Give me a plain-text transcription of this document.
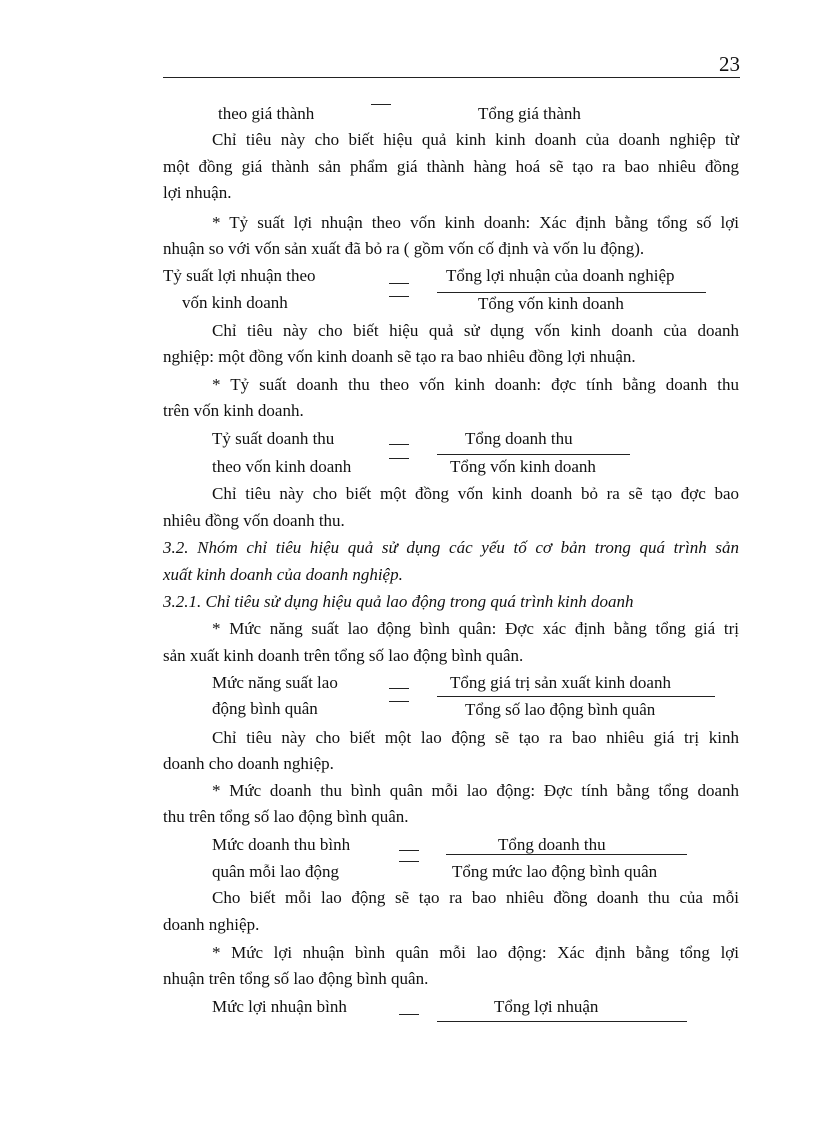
23
theo giá thành	Tổng giá thành
Chỉ tiêu này cho biết hiệu quả kinh kinh doanh của doanh nghiệp từ
một đồng giá thành sản phẩm giá thành hàng hoá sẽ tạo ra bao nhiêu đồng
lợi nhuận.
* Tỷ suất lợi nhuận theo vốn kinh doanh: Xác định bằng tổng số lợi
nhuận so với vốn sản xuất đã bỏ ra ( gồm vốn cố định và vốn lu động).
Tỷ suất lợi nhuận theo	Tổng lợi nhuận của doanh nghiệp
vốn kinh doanh	Tổng vốn kinh doanh
Chỉ tiêu này cho biết hiệu quả sử dụng vốn kinh doanh của doanh
nghiệp: một đồng vốn kinh doanh sẽ tạo ra bao nhiêu đồng lợi nhuận.
* Tỷ suất doanh thu theo vốn kinh doanh: đợc tính bằng doanh thu
trên vốn kinh doanh.
Tỷ suất doanh thu	Tổng doanh thu
theo vốn kinh doanh	Tổng vốn kinh doanh
Chỉ tiêu này cho biết một đồng vốn kinh doanh bỏ ra sẽ tạo đợc bao
nhiêu đồng vốn doanh thu.
3.2. Nhóm chỉ tiêu hiệu quả sử dụng các yếu tố cơ bản trong quá trình sản
xuất kinh doanh của doanh nghiệp.
3.2.1. Chỉ tiêu sử dụng hiệu quả lao động trong quá trình kinh doanh
* Mức năng suất lao động bình quân: Đợc xác định bằng tổng giá trị
sản xuất kinh doanh trên tổng số lao động bình quân.
Mức năng suất lao	Tổng giá trị sản xuất kinh doanh
động bình quân	Tổng số lao động bình quân
Chỉ tiêu này cho biết một lao động sẽ tạo ra bao nhiêu giá trị kinh
doanh cho doanh nghiệp.
* Mức doanh thu bình quân mỗi lao động: Đợc tính bằng tổng doanh
thu trên tổng số lao động bình quân.
Mức doanh thu bình	Tổng doanh thu
quân mỗi lao động	Tổng mức lao động bình quân
Cho biết mỗi lao động sẽ tạo ra bao nhiêu đồng doanh thu của mỗi
doanh nghiệp.
* Mức lợi nhuận bình quân mỗi lao động: Xác định bằng tổng lợi
nhuận trên tổng số lao động bình quân.
Mức lợi nhuận bình	Tổng lợi nhuận
